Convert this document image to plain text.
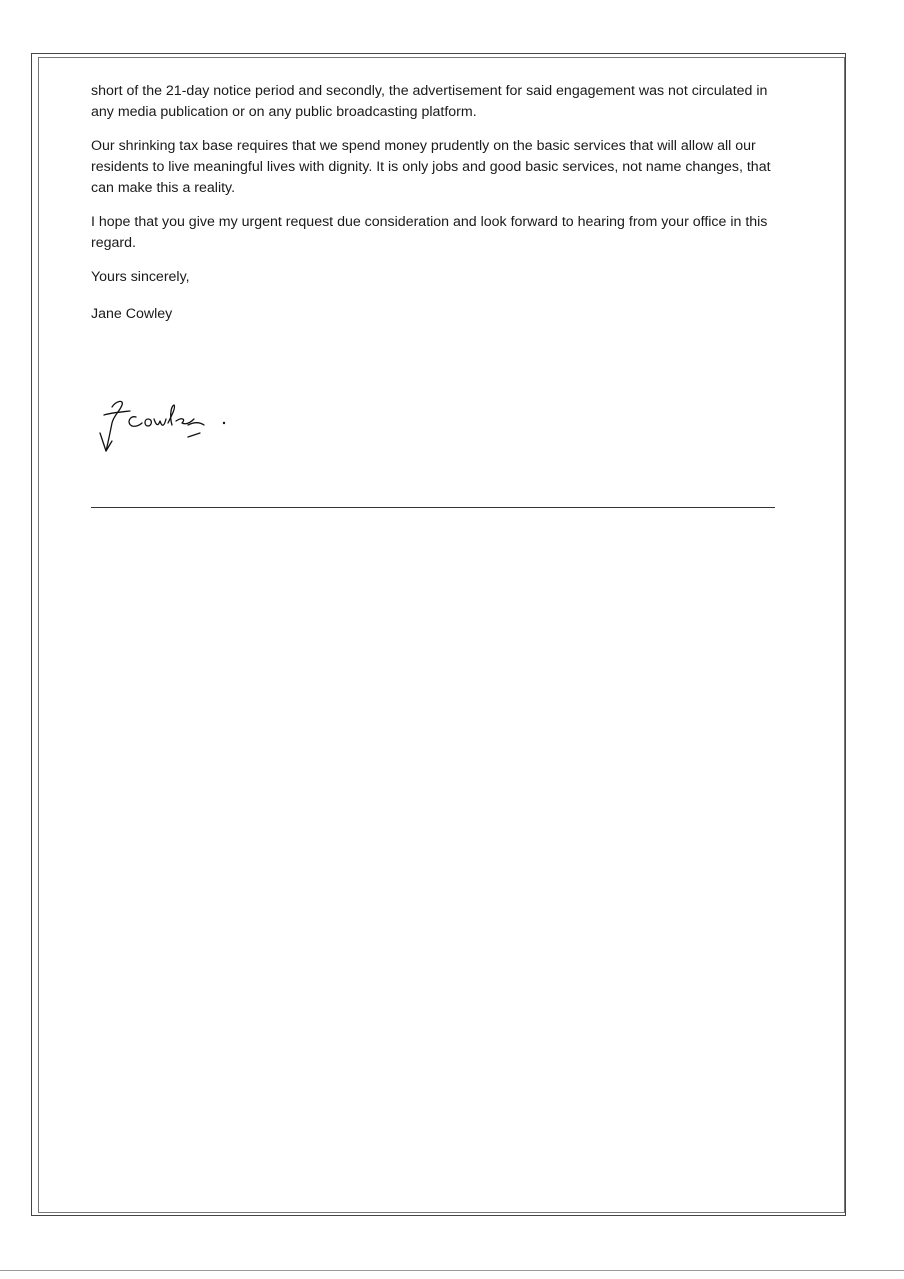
short of the 21-day notice period and secondly, the advertisement for said engagement was not circulated in any media publication or on any public broadcasting platform.

Our shrinking tax base requires that we spend money prudently on the basic services that will allow all our residents to live meaningful lives with dignity. It is only jobs and good basic services, not name changes, that can make this a reality.

I hope that you give my urgent request due consideration and look forward to hearing from your office in this regard.

Yours sincerely,

Jane Cowley
